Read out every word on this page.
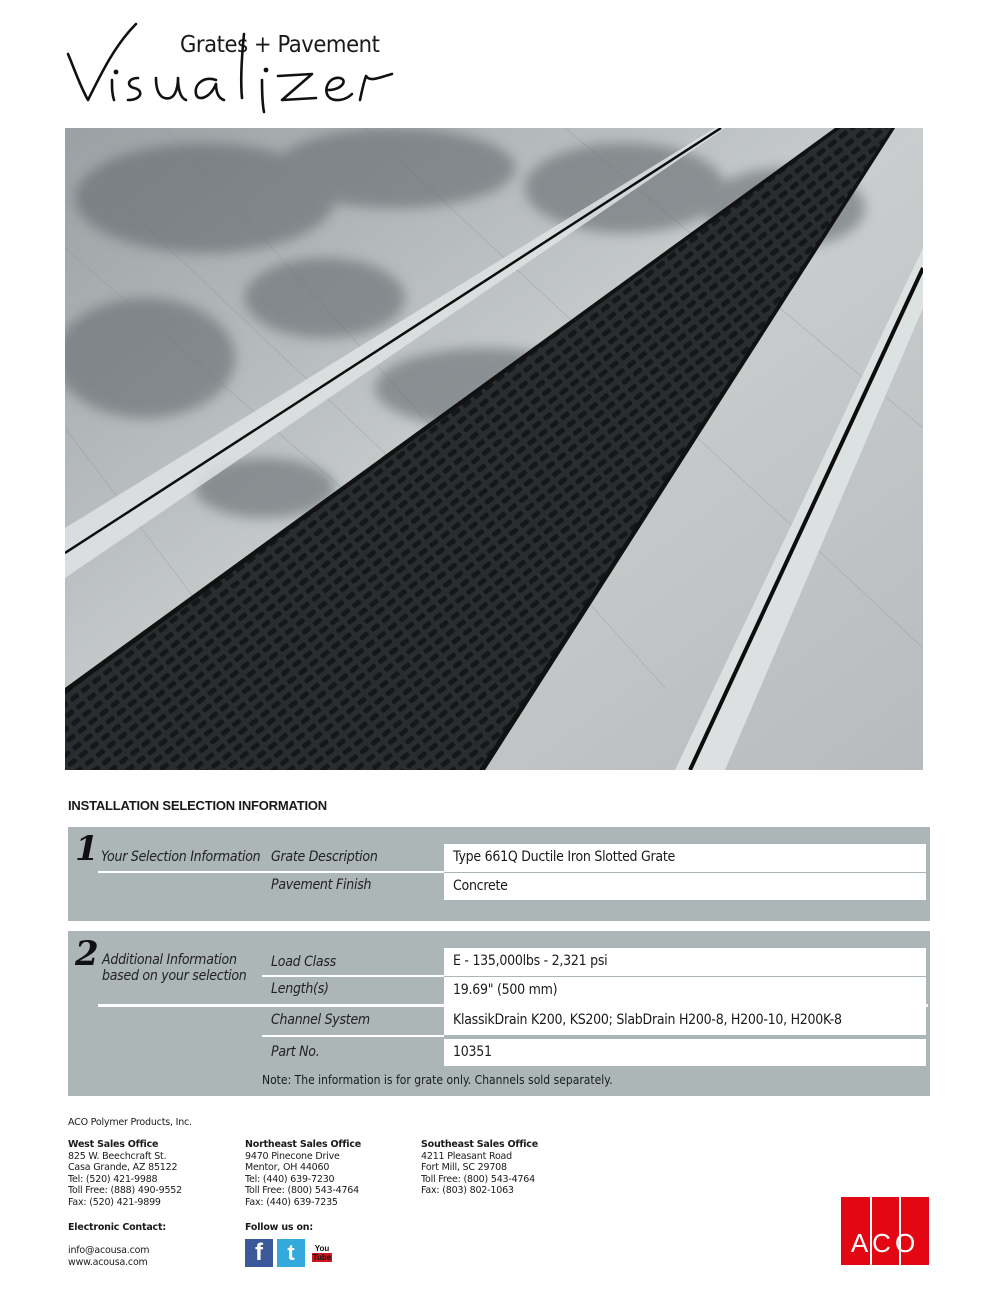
Grates + Pavement
INSTALLATION SELECTION INFORMATION
1 Your Selection Information Grate Description	Type 661Q Ductile Iron Slotted Grate
Pavement Finish	Concrete
2 Additional Information
based on your selection
Load Class	E - 135,000lbs - 2,321 psi
Length(s)	19.69" (500 mm)
Channel System	KlassikDrain K200, KS200; SlabDrain H200-8, H200-10, H200K-8
Part No.	10351
Note: The information is for grate only. Channels sold separately.
ACO Polymer Products, Inc.
West Sales Office
825 W. Beechcraft St.
Casa Grande, AZ 85122
Tel: (520) 421-9988
Toll Free: (888) 490-9552
Fax: (520) 421-9899
Northeast Sales Office
9470 Pinecone Drive
Mentor, OH 44060
Tel: (440) 639-7230
Toll Free: (800) 543-4764
Fax: (440) 639-7235
Southeast Sales Office
4211 Pleasant Road
Fort Mill, SC 29708
Toll Free: (800) 543-4764
Fax: (803) 802-1063
Electronic Contact:
info@acousa.com
www.acousa.com
Follow us on:
f t	You Tube	ACO
